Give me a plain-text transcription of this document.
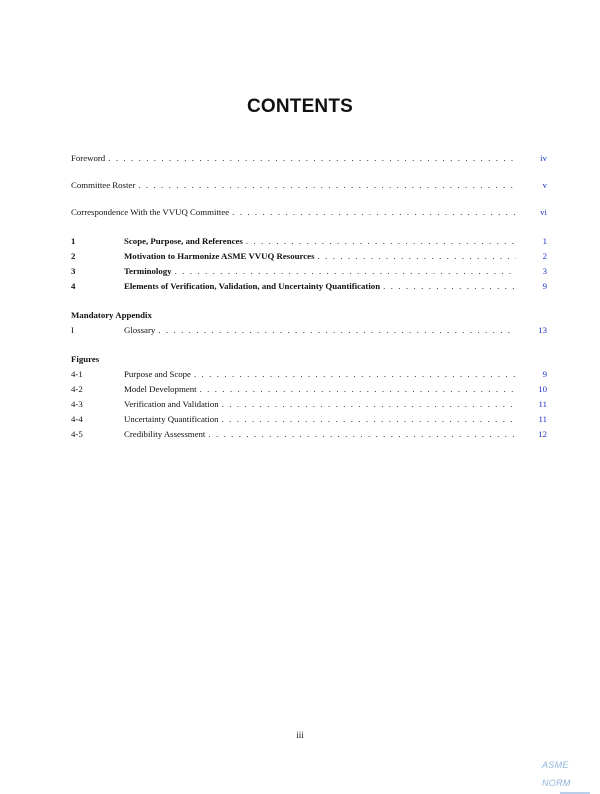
CONTENTS
Foreword . . .	iv
Committee Roster . . .	v
Correspondence With the VVUQ Committee . . .	vi
1	Scope, Purpose, and References . . .	1
2	Motivation to Harmonize ASME VVUQ Resources . . .	2
3	Terminology . . .	3
4	Elements of Verification, Validation, and Uncertainty Quantification . . .	9
Mandatory Appendix
I	Glossary . . .	13
Figures
4-1	Purpose and Scope . . .	9
4-2	Model Development . . .	10
4-3	Verification and Validation . . .	11
4-4	Uncertainty Quantification . . .	11
4-5	Credibility Assessment . . .	12
iii
ASME NORM
